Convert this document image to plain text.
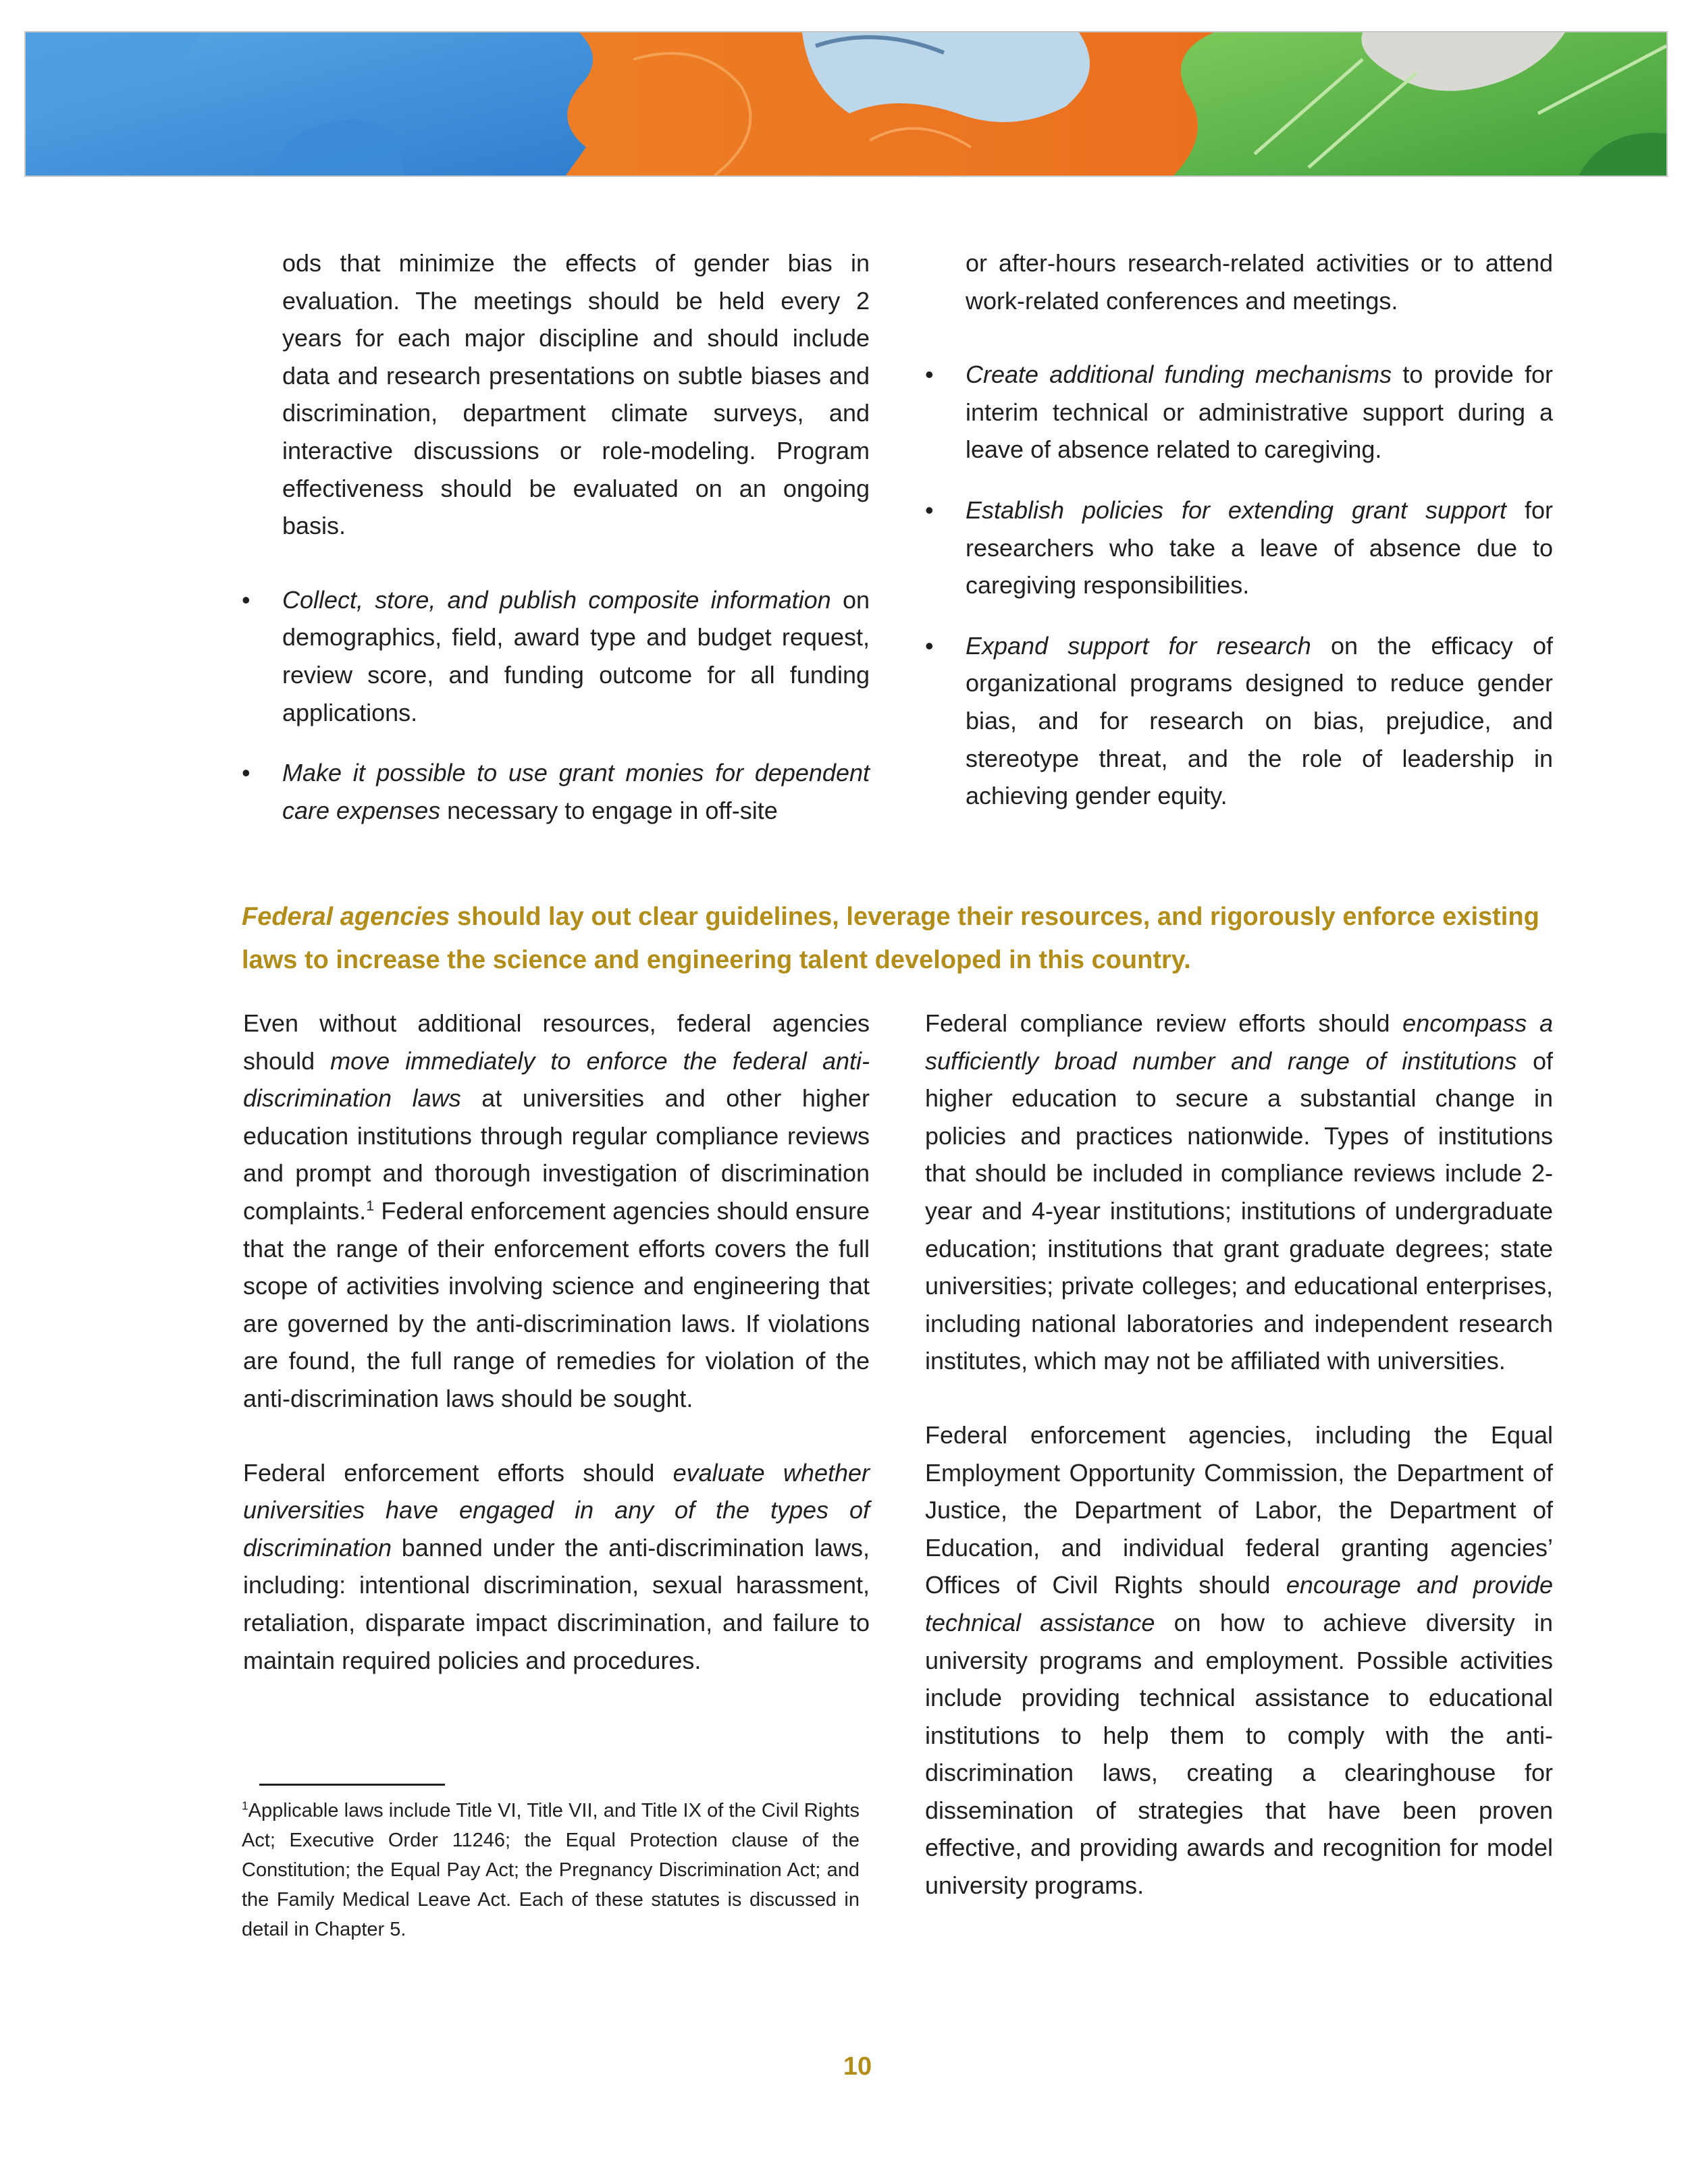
ods that minimize the effects of gender bias in evaluation. The meetings should be held every 2 years for each major discipline and should include data and research presentations on subtle biases and discrimination, department climate surveys, and interactive discussions or role-modeling. Program effectiveness should be evaluated on an ongoing basis.

• Collect, store, and publish composite information on demographics, field, award type and budget request, review score, and funding outcome for all funding applications.
• Make it possible to use grant monies for dependent care expenses necessary to engage in off-site

or after-hours research-related activities or to attend work-related conferences and meetings.

• Create additional funding mechanisms to provide for interim technical or administrative support during a leave of absence related to caregiving.
• Establish policies for extending grant support for researchers who take a leave of absence due to caregiving responsibilities.
• Expand support for research on the efficacy of organizational programs designed to reduce gender bias, and for research on bias, prejudice, and stereotype threat, and the role of leadership in achieving gender equity.
Federal agencies should lay out clear guidelines, leverage their resources, and rigorously enforce existing laws to increase the science and engineering talent developed in this country.

Even without additional resources, federal agencies should move immediately to enforce the federal anti-discrimination laws at universities and other higher education institutions through regular compliance reviews and prompt and thorough investigation of discrimination complaints.$^1$ Federal enforcement agencies should ensure that the range of their enforcement efforts covers the full scope of activities involving science and engineering that are governed by the anti-discrimination laws. If violations are found, the full range of remedies for violation of the anti-discrimination laws should be sought.

Federal enforcement efforts should evaluate whether universities have engaged in any of the types of discrimination banned under the anti-discrimination laws, including: intentional discrimination, sexual harassment, retaliation, disparate impact discrimination, and failure to maintain required policies and procedures.

Federal compliance review efforts should encompass a sufficiently broad number and range of institutions of higher education to secure a substantial change in policies and practices nationwide. Types of institutions that should be included in compliance reviews include 2-year and 4-year institutions; institutions of undergraduate education; institutions that grant graduate degrees; state universities; private colleges; and educational enterprises, including national laboratories and independent research institutes, which may not be affiliated with universities.

Federal enforcement agencies, including the Equal Employment Opportunity Commission, the Department of Justice, the Department of Labor, the Department of Education, and individual federal granting agencies’ Offices of Civil Rights should encourage and provide technical assistance on how to achieve diversity in university programs and employment. Possible activities include providing technical assistance to educational institutions to help them to comply with the anti-discrimination laws, creating a clearinghouse for dissemination of strategies that have been proven effective, and providing awards and recognition for model university programs.

$^1$Applicable laws include Title VI, Title VII, and Title IX of the Civil Rights Act; Executive Order 11246; the Equal Protection clause of the Constitution; the Equal Pay Act; the Pregnancy Discrimination Act; and the Family Medical Leave Act. Each of these statutes is discussed in detail in Chapter 5.
10
